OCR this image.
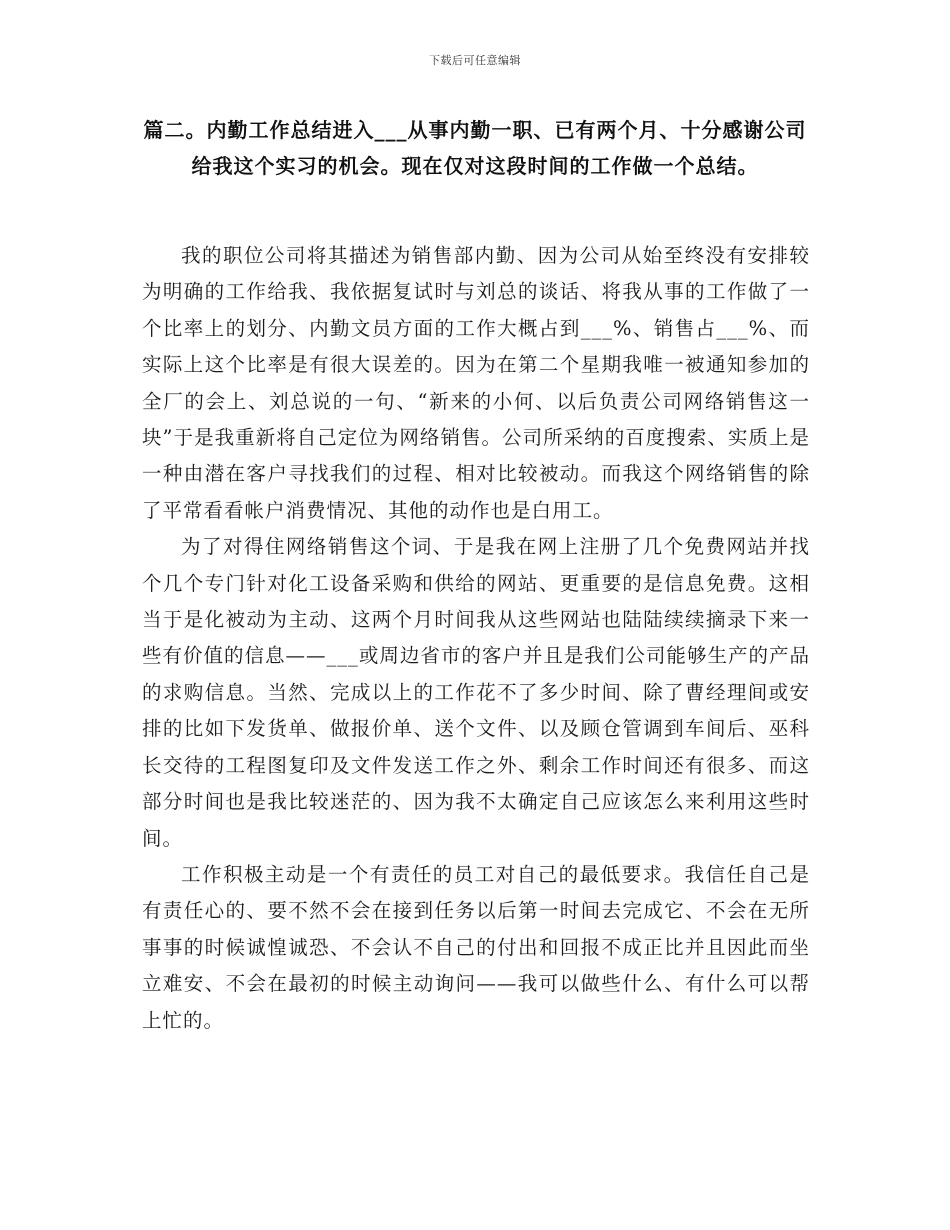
下载后可任意编辑
篇二。内勤工作总结进入___从事内勤一职、已有两个月、十分感谢公司给我这个实习的机会。现在仅对这段时间的工作做一个总结。

我的职位公司将其描述为销售部内勤、因为公司从始至终没有安排较为明确的工作给我、我依据复试时与刘总的谈话、将我从事的工作做了一个比率上的划分、内勤文员方面的工作大概占到___%、销售占___%、而实际上这个比率是有很大误差的。因为在第二个星期我唯一被通知参加的全厂的会上、刘总说的一句、“新来的小何、以后负责公司网络销售这一块”于是我重新将自己定位为网络销售。公司所采纳的百度搜索、实质上是一种由潜在客户寻找我们的过程、相对比较被动。而我这个网络销售的除了平常看看帐户消费情况、其他的动作也是白用工。

为了对得住网络销售这个词、于是我在网上注册了几个免费网站并找个几个专门针对化工设备采购和供给的网站、更重要的是信息免费。这相当于是化被动为主动、这两个月时间我从这些网站也陆陆续续摘录下来一些有价值的信息——___或周边省市的客户并且是我们公司能够生产的产品的求购信息。当然、完成以上的工作花不了多少时间、除了曹经理间或安排的比如下发货单、做报价单、送个文件、以及顾仓管调到车间后、巫科长交待的工程图复印及文件发送工作之外、剩余工作时间还有很多、而这部分时间也是我比较迷茫的、因为我不太确定自己应该怎么来利用这些时间。

工作积极主动是一个有责任的员工对自己的最低要求。我信任自己是有责任心的、要不然不会在接到任务以后第一时间去完成它、不会在无所事事的时候诚惶诚恐、不会认不自己的付出和回报不成正比并且因此而坐立难安、不会在最初的时候主动询问——我可以做些什么、有什么可以帮上忙的。
